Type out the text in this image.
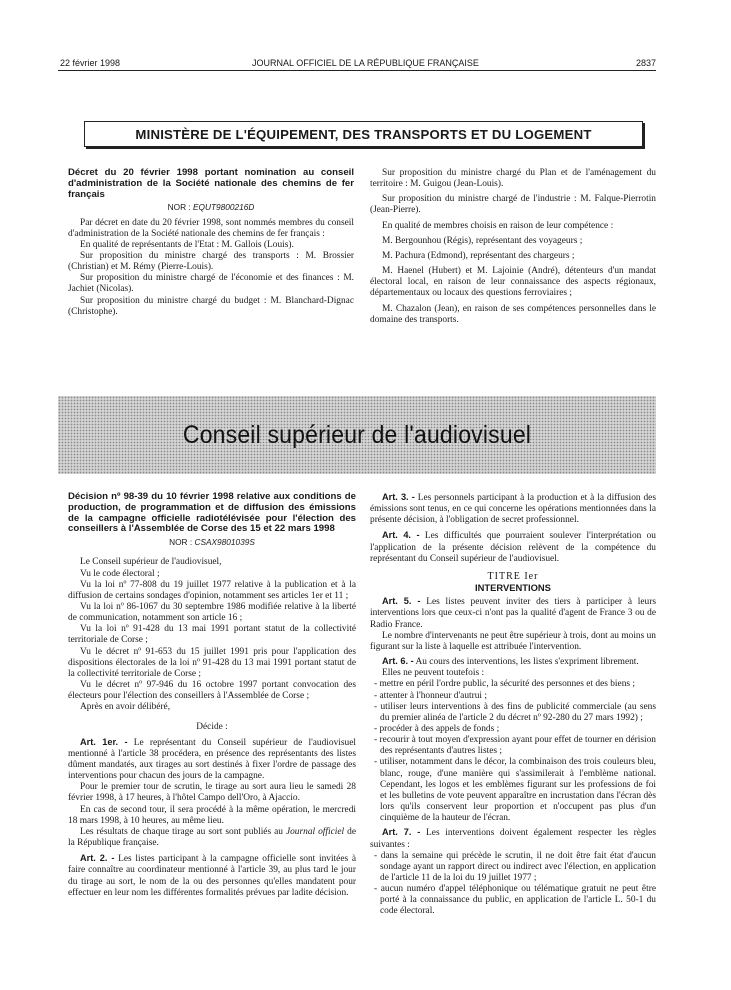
22 février 1998	JOURNAL OFFICIEL DE LA RÉPUBLIQUE FRANÇAISE	2837
MINISTÈRE DE L'ÉQUIPEMENT, DES TRANSPORTS ET DU LOGEMENT

Décret du 20 février 1998 portant nomination au conseil d'administration de la Société nationale des chemins de fer français

NOR : EQUT9800216D

Par décret en date du 20 février 1998, sont nommés membres du conseil d'administration de la Société nationale des chemins de fer français :

En qualité de représentants de l'Etat : M. Gallois (Louis).

Sur proposition du ministre chargé des transports : M. Brossier (Christian) et M. Rémy (Pierre-Louis).

Sur proposition du ministre chargé de l'économie et des finances : M. Jachiet (Nicolas).

Sur proposition du ministre chargé du budget : M. Blanchard-Dignac (Christophe).

Sur proposition du ministre chargé du Plan et de l'aménagement du territoire : M. Guigou (Jean-Louis).

Sur proposition du ministre chargé de l'industrie : M. Falque-Pierrotin (Jean-Pierre).

En qualité de membres choisis en raison de leur compétence :

M. Bergounhou (Régis), représentant des voyageurs ;

M. Pachura (Edmond), représentant des chargeurs ;

M. Haenel (Hubert) et M. Lajoinie (André), détenteurs d'un mandat électoral local, en raison de leur connaissance des aspects régionaux, départementaux ou locaux des questions ferroviaires ;

M. Chazalon (Jean), en raison de ses compétences personnelles dans le domaine des transports.

Conseil supérieur de l'audiovisuel

Décision nº 98-39 du 10 février 1998 relative aux conditions de production, de programmation et de diffusion des émissions de la campagne officielle radiotélévisée pour l'élection des conseillers à l'Assemblée de Corse des 15 et 22 mars 1998

NOR : CSAX9801039S

Le Conseil supérieur de l'audiovisuel,

Vu le code électoral ;

Vu la loi nº 77-808 du 19 juillet 1977 relative à la publication et à la diffusion de certains sondages d'opinion, notamment ses articles 1er et 11 ;

Vu la loi nº 86-1067 du 30 septembre 1986 modifiée relative à la liberté de communication, notamment son article 16 ;

Vu la loi nº 91-428 du 13 mai 1991 portant statut de la collectivité territoriale de Corse ;

Vu le décret nº 91-653 du 15 juillet 1991 pris pour l'application des dispositions électorales de la loi nº 91-428 du 13 mai 1991 portant statut de la collectivité territoriale de Corse ;

Vu le décret nº 97-946 du 16 octobre 1997 portant convocation des électeurs pour l'élection des conseillers à l'Assemblée de Corse ;

Après en avoir délibéré,

Décide :

Art. 1er. - Le représentant du Conseil supérieur de l'audiovisuel mentionné à l'article 38 procédera, en présence des représentants des listes dûment mandatés, aux tirages au sort destinés à fixer l'ordre de passage des interventions pour chacun des jours de la campagne.

Pour le premier tour de scrutin, le tirage au sort aura lieu le samedi 28 février 1998, à 17 heures, à l'hôtel Campo dell'Oro, à Ajaccio.

En cas de second tour, il sera procédé à la même opération, le mercredi 18 mars 1998, à 10 heures, au même lieu.

Les résultats de chaque tirage au sort sont publiés au Journal officiel de la République française.

Art. 2. - Les listes participant à la campagne officielle sont invitées à faire connaître au coordinateur mentionné à l'article 39, au plus tard le jour du tirage au sort, le nom de la ou des personnes qu'elles mandatent pour effectuer en leur nom les différentes formalités prévues par ladite décision.

Art. 3. - Les personnels participant à la production et à la diffusion des émissions sont tenus, en ce qui concerne les opérations mentionnées dans la présente décision, à l'obligation de secret professionnel.

Art. 4. - Les difficultés que pourraient soulever l'interprétation ou l'application de la présente décision relèvent de la compétence du représentant du Conseil supérieur de l'audiovisuel.

TITRE Ier

INTERVENTIONS

Art. 5. - Les listes peuvent inviter des tiers à participer à leurs interventions lors que ceux-ci n'ont pas la qualité d'agent de France 3 ou de Radio France.

Le nombre d'intervenants ne peut être supérieur à trois, dont au moins un figurant sur la liste à laquelle est attribuée l'intervention.

Art. 6. - Au cours des interventions, les listes s'expriment librement.

Elles ne peuvent toutefois :

- mettre en péril l'ordre public, la sécurité des personnes et des biens ;

- attenter à l'honneur d'autrui ;

- utiliser leurs interventions à des fins de publicité commerciale (au sens du premier alinéa de l'article 2 du décret nº 92-280 du 27 mars 1992) ;

- procéder à des appels de fonds ;

- recourir à tout moyen d'expression ayant pour effet de tourner en dérision des représentants d'autres listes ;

- utiliser, notamment dans le décor, la combinaison des trois couleurs bleu, blanc, rouge, d'une manière qui s'assimilerait à l'emblème national. Cependant, les logos et les emblèmes figurant sur les professions de foi et les bulletins de vote peuvent apparaître en incrustation dans l'écran dès lors qu'ils conservent leur proportion et n'occupent pas plus d'un cinquième de la hauteur de l'écran.

Art. 7. - Les interventions doivent également respecter les règles suivantes :

- dans la semaine qui précède le scrutin, il ne doit être fait état d'aucun sondage ayant un rapport direct ou indirect avec l'élection, en application de l'article 11 de la loi du 19 juillet 1977 ;

- aucun numéro d'appel téléphonique ou télématique gratuit ne peut être porté à la connaissance du public, en application de l'article L. 50-1 du code électoral.
